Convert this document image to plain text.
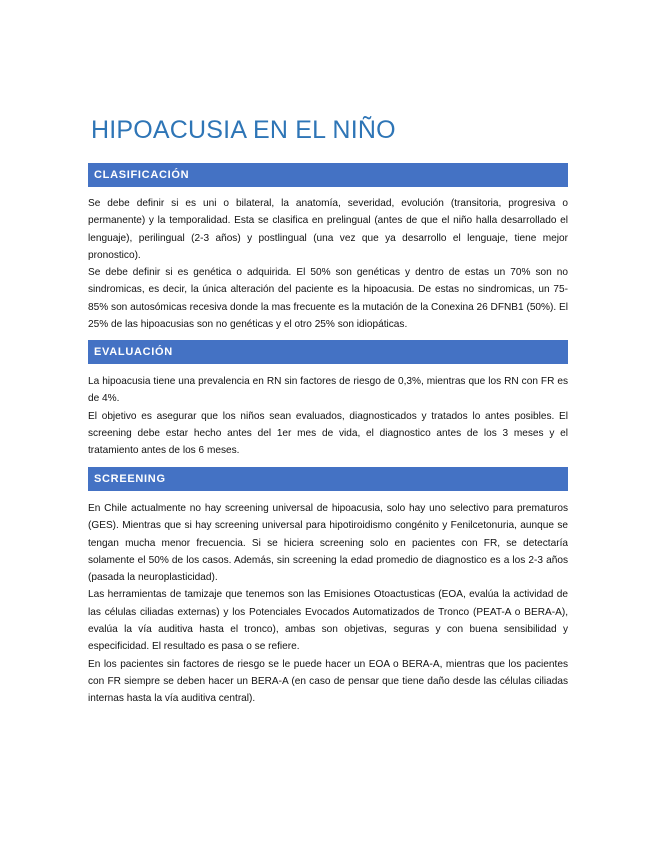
HIPOACUSIA EN EL NIÑO
CLASIFICACIÓN

Se debe definir si es uni o bilateral, la anatomía, severidad, evolución (transitoria, progresiva o permanente) y la temporalidad. Esta se clasifica en prelingual (antes de que el niño halla desarrollado el lenguaje), perilingual (2-3 años) y postlingual (una vez que ya desarrollo el lenguaje, tiene mejor pronostico).

Se debe definir si es genética o adquirida. El 50% son genéticas y dentro de estas un 70% son no sindromicas, es decir, la única alteración del paciente es la hipoacusia. De estas no sindromicas, un 75-85% son autosómicas recesiva donde la mas frecuente es la mutación de la Conexina 26 DFNB1 (50%). El 25% de las hipoacusias son no genéticas y el otro 25% son idiopáticas.

EVALUACIÓN

La hipoacusia tiene una prevalencia en RN sin factores de riesgo de 0,3%, mientras que los RN con FR es de 4%.

El objetivo es asegurar que los niños sean evaluados, diagnosticados y tratados lo antes posibles. El screening debe estar hecho antes del 1er mes de vida, el diagnostico antes de los 3 meses y el tratamiento antes de los 6 meses.

SCREENING

En Chile actualmente no hay screening universal de hipoacusia, solo hay uno selectivo para prematuros (GES). Mientras que si hay screening universal para hipotiroidismo congénito y Fenilcetonuria, aunque se tengan mucha menor frecuencia. Si se hiciera screening solo en pacientes con FR, se detectaría solamente el 50% de los casos. Además, sin screening la edad promedio de diagnostico es a los 2-3 años (pasada la neuroplasticidad).

Las herramientas de tamizaje que tenemos son las Emisiones Otoactusticas (EOA, evalúa la actividad de las células ciliadas externas) y los Potenciales Evocados Automatizados de Tronco (PEAT-A o BERA-A), evalúa la vía auditiva hasta el tronco), ambas son objetivas, seguras y con buena sensibilidad y especificidad. El resultado es pasa o se refiere.

En los pacientes sin factores de riesgo se le puede hacer un EOA o BERA-A, mientras que los pacientes con FR siempre se deben hacer un BERA-A (en caso de pensar que tiene daño desde las células ciliadas internas hasta la vía auditiva central).
